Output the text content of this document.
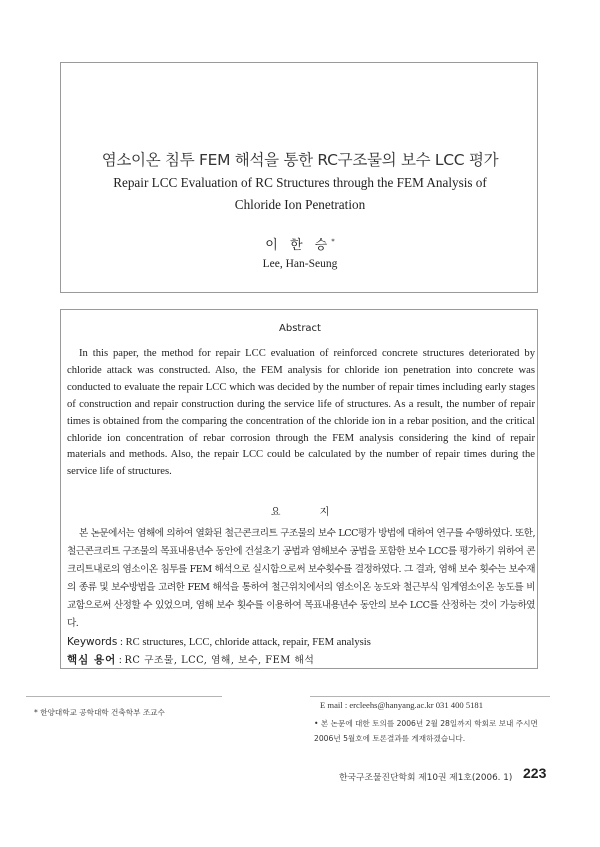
염소이온 침투 FEM 해석을 통한 RC구조물의 보수 LCC 평가
Repair LCC Evaluation of RC Structures through the FEM Analysis of
Chloride Ion Penetration
이 한 승*
Lee, Han-Seung
Abstract

In this paper, the method for repair LCC evaluation of reinforced concrete structures deteriorated by chloride attack was constructed. Also, the FEM analysis for chloride ion penetration into concrete was conducted to evaluate the repair LCC which was decided by the number of repair times including early stages of construction and repair construction during the service life of structures. As a result, the number of repair times is obtained from the comparing the concentration of the chloride ion in a rebar position, and the critical chloride ion concentration of rebar corrosion through the FEM analysis considering the kind of repair materials and methods. Also, the repair LCC could be calculated by the number of repair times during the service life of structures.

요 지

본 논문에서는 염해에 의하여 열화된 철근콘크리트 구조물의 보수 LCC평가 방법에 대하여 연구를 수행하였다. 또한, 철근콘크리트 구조물의 목표내용년수 동안에 건설초기 공법과 염해보수 공법을 포함한 보수 LCC를 평가하기 위하여 콘크리트내로의 염소이온 침투를 FEM 해석으로 실시함으로써 보수횟수를 결정하였다. 그 결과, 염해 보수 횟수는 보수재의 종류 및 보수방법을 고려한 FEM 해석을 통하여 철근위치에서의 염소이온 농도와 철근부식 임계염소이온 농도를 비교함으로써 산정할 수 있었으며, 염해 보수 횟수를 이용하여 목표내용년수 동안의 보수 LCC를 산정하는 것이 가능하였다.

Keywords : RC structures, LCC, chloride attack, repair, FEM analysis
핵심 용어 : RC 구조물, LCC, 염해, 보수, FEM 해석
* 한양대학교 공학대학 건축학부 조교수
E mail : ercleehs@hanyang.ac.kr 031 400 5181

• 본 논문에 대한 토의를 2006년 2월 28일까지 학회로 보내 주시면 2006년 5월호에 토론결과를 게재하겠습니다.

한국구조물진단학회 제10권 제1호(2006. 1) 223
